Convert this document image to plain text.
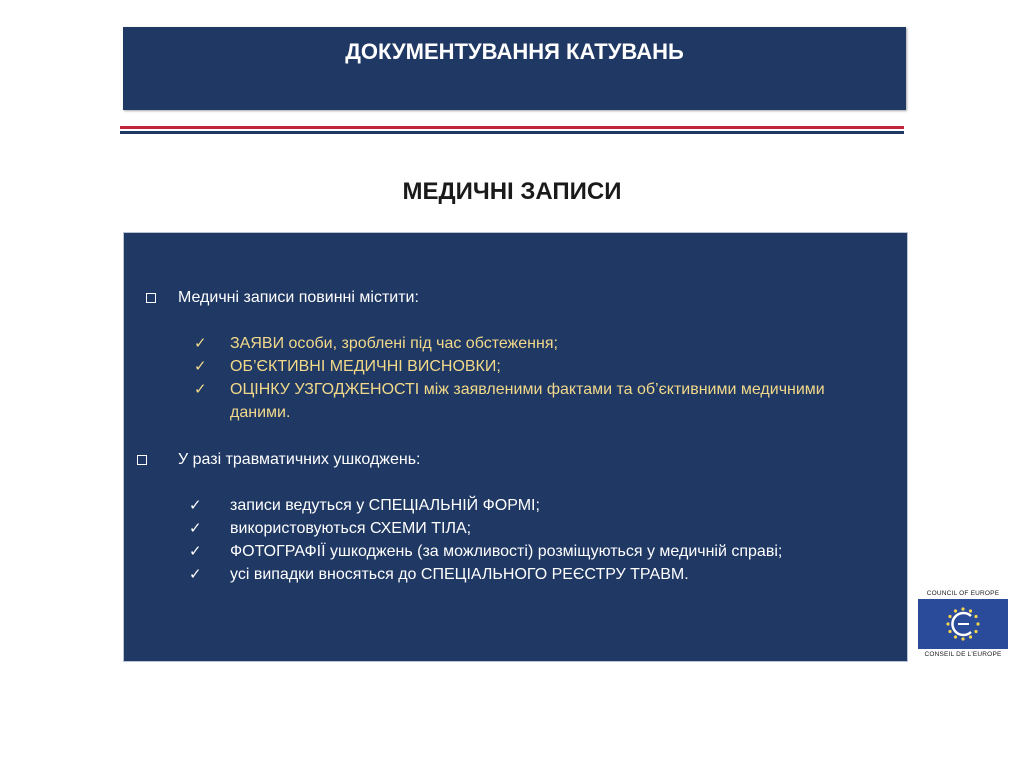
ДОКУМЕНТУВАННЯ КАТУВАНЬ
МЕДИЧНІ ЗАПИСИ
Медичні записи повинні містити:
✓ ЗАЯВИ особи, зроблені під час обстеження;
✓ ОБ’ЄКТИВНІ МЕДИЧНІ ВИСНОВКИ;
✓ ОЦІНКУ УЗГОДЖЕНОСТІ між заявленими фактами та об’єктивними медичними
даними.
У разі травматичних ушкоджень:
✓ записи ведуться у СПЕЦІАЛЬНІЙ ФОРМІ;
✓ використовуються СХЕМИ ТІЛА;
✓ ФОТОГРАФІЇ ушкоджень (за можливості) розміщуються у медичній справі;
✓ усі випадки вносяться до СПЕЦІАЛЬНОГО РЕЄСТРУ ТРАВМ.
COUNCIL OF EUROPE
CONSEIL DE L'EUROPE
